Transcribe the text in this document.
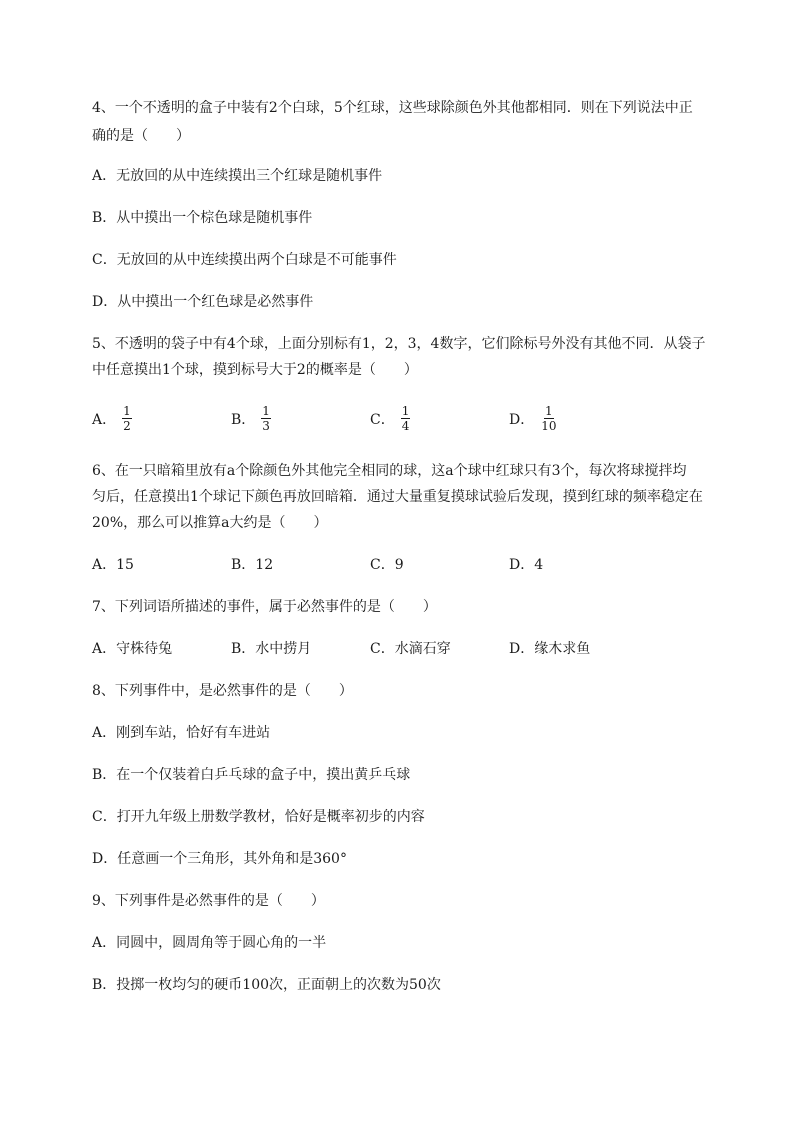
4、一个不透明的盒子中装有2个白球，5个红球，这些球除颜色外其他都相同．则在下列说法中正
确的是（　　）
A．无放回的从中连续摸出三个红球是随机事件
B．从中摸出一个棕色球是随机事件
C．无放回的从中连续摸出两个白球是不可能事件
D．从中摸出一个红色球是必然事件
5、不透明的袋子中有4个球，上面分别标有1，2，3，4数字，它们除标号外没有其他不同．从袋子
中任意摸出1个球，摸到标号大于2的概率是（　　）
A． $\frac{1}{2}$	B． $\frac{1}{3}$	C． $\frac{1}{4}$	D． $\frac{1}{10}$
6、在一只暗箱里放有a个除颜色外其他完全相同的球，这a个球中红球只有3个，每次将球搅拌均
匀后，任意摸出1个球记下颜色再放回暗箱．通过大量重复摸球试验后发现，摸到红球的频率稳定在
20%，那么可以推算a大约是（　　）
A．15	B．12	C．9	D．4
7、下列词语所描述的事件，属于必然事件的是（　　）
A．守株待兔	B．水中捞月	C．水滴石穿	D．缘木求鱼
8、下列事件中，是必然事件的是（　　）
A．刚到车站，恰好有车进站
B．在一个仅装着白乒乓球的盒子中，摸出黄乒乓球
C．打开九年级上册数学教材，恰好是概率初步的内容
D．任意画一个三角形，其外角和是360°
9、下列事件是必然事件的是（　　）
A．同圆中，圆周角等于圆心角的一半
B．投掷一枚均匀的硬币100次，正面朝上的次数为50次
